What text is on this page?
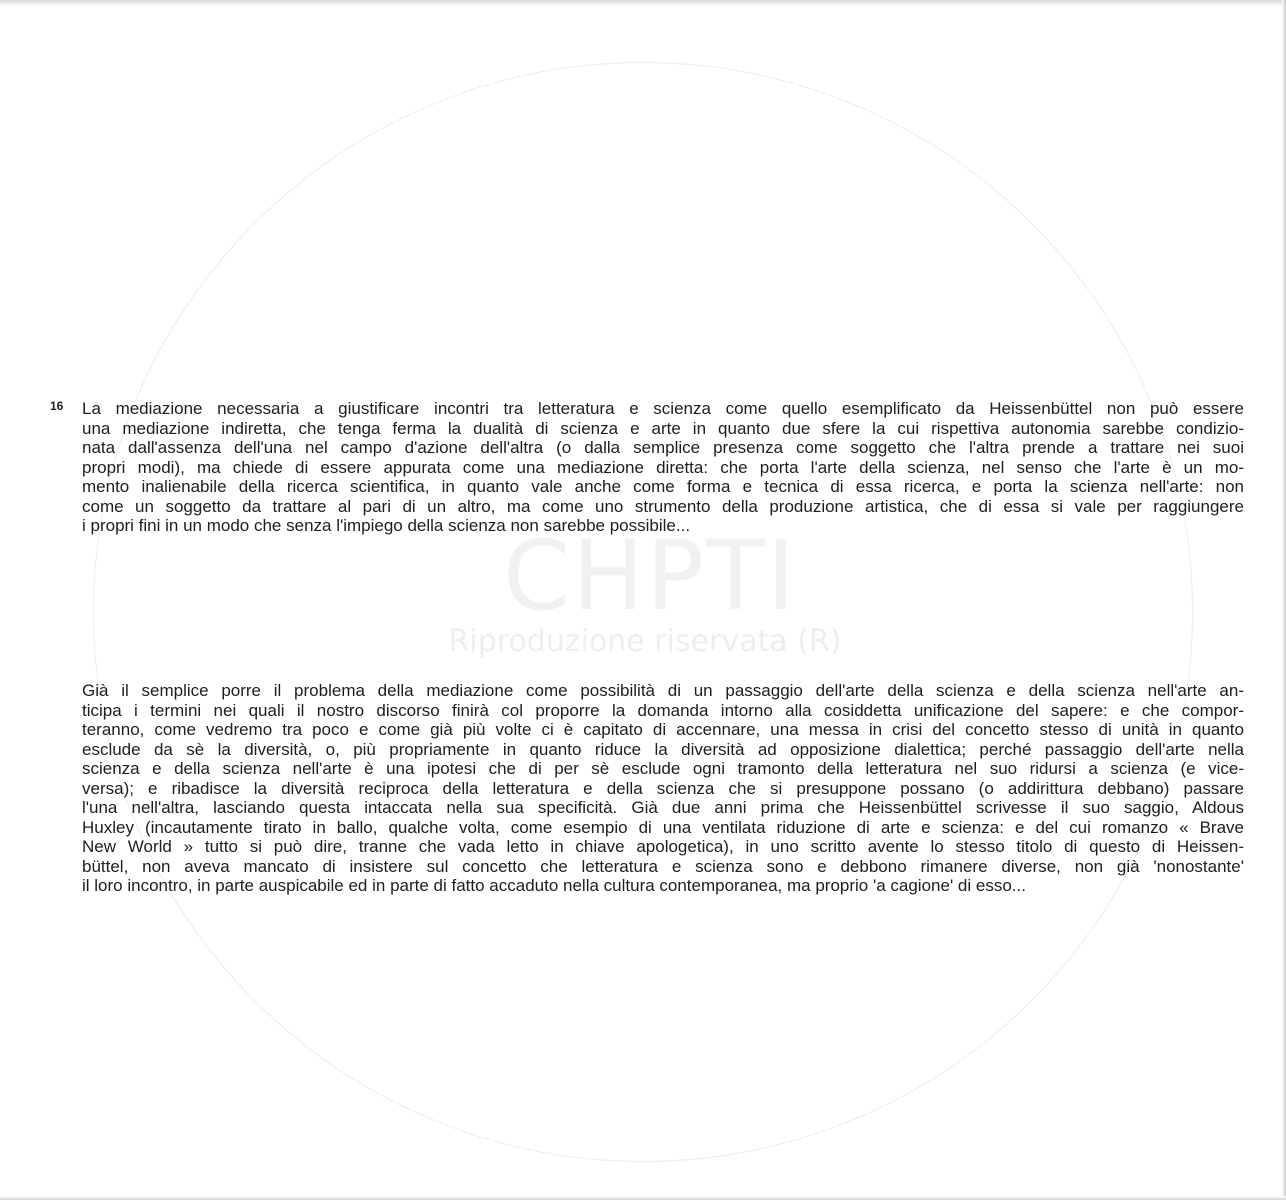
CHPTI
Riproduzione riservata (R)
16 La mediazione necessaria a giustificare incontri tra letteratura e scienza come quello esemplificato da Heissenbüttel non può essere
una mediazione indiretta, che tenga ferma la dualità di scienza e arte in quanto due sfere la cui rispettiva autonomia sarebbe condizio-
nata dall'assenza dell'una nel campo d'azione dell'altra (o dalla semplice presenza come soggetto che l'altra prende a trattare nei suoi
propri modi), ma chiede di essere appurata come una mediazione diretta: che porta l'arte della scienza, nel senso che l'arte è un mo-
mento inalienabile della ricerca scientifica, in quanto vale anche come forma e tecnica di essa ricerca, e porta la scienza nell'arte: non
come un soggetto da trattare al pari di un altro, ma come uno strumento della produzione artistica, che di essa si vale per raggiungere
i propri fini in un modo che senza l'impiego della scienza non sarebbe possibile...

Già il semplice porre il problema della mediazione come possibilità di un passaggio dell'arte della scienza e della scienza nell'arte an-
ticipa i termini nei quali il nostro discorso finirà col proporre la domanda intorno alla cosiddetta unificazione del sapere: e che compor-
teranno, come vedremo tra poco e come già più volte ci è capitato di accennare, una messa in crisi del concetto stesso di unità in quanto
esclude da sè la diversità, o, più propriamente in quanto riduce la diversità ad opposizione dialettica; perché passaggio dell'arte nella
scienza e della scienza nell'arte è una ipotesi che di per sè esclude ogni tramonto della letteratura nel suo ridursi a scienza (e vice-
versa); e ribadisce la diversità reciproca della letteratura e della scienza che si presuppone possano (o addirittura debbano) passare
l'una nell'altra, lasciando questa intaccata nella sua specificità. Già due anni prima che Heissenbüttel scrivesse il suo saggio, Aldous
Huxley (incautamente tirato in ballo, qualche volta, come esempio di una ventilata riduzione di arte e scienza: e del cui romanzo « Brave
New World » tutto si può dire, tranne che vada letto in chiave apologetica), in uno scritto avente lo stesso titolo di questo di Heissen-
büttel, non aveva mancato di insistere sul concetto che letteratura e scienza sono e debbono rimanere diverse, non già 'nonostante'
il loro incontro, in parte auspicabile ed in parte di fatto accaduto nella cultura contemporanea, ma proprio 'a cagione' di esso...
